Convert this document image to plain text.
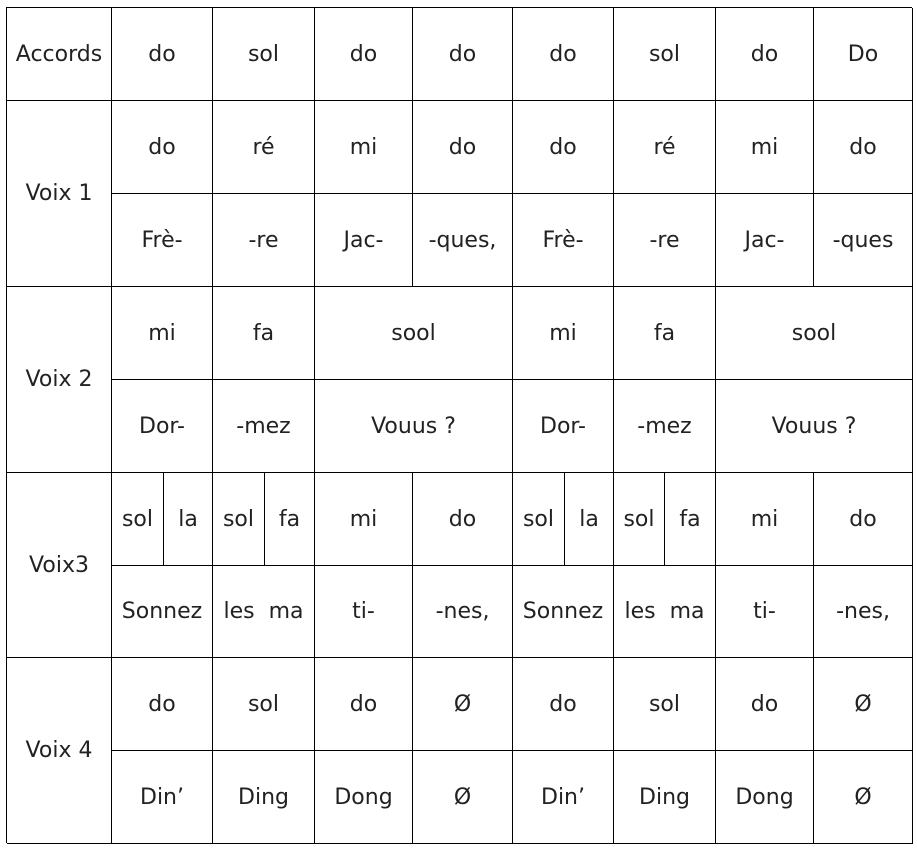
Accords	do	sol	do	do	do	sol	do	Do
Voix 1
do	ré	mi	do	do	ré	mi	do
Frè-	-re	Jac-	-ques,	Frè-	-re	Jac-	-ques
Voix 2
mi	fa	sool	mi	fa	sool
Dor-	-mez	Vouus ?	Dor-	-mez	Vouus ?
Voix3
sol	la	sol	fa	mi	do	sol	la	sol	fa	mi	do
Sonnez les  ma	ti-	-nes,	Sonnez les  ma	ti-	-nes,
Voix 4
do	sol	do	Ø	do	sol	do	Ø
Din’	Ding	Dong	Ø	Din’	Ding	Dong	Ø
